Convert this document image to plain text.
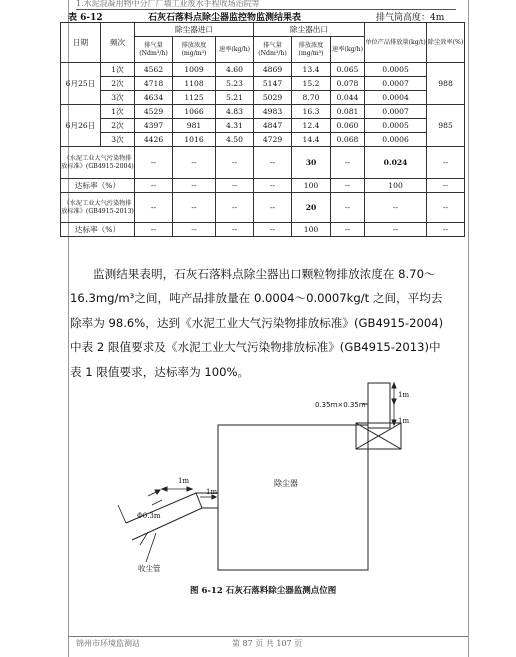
1.水泥混凝用物中分厂厂墙工业废水手程收场治院等
表 6-12	石灰石落料点除尘器监控物监测结果表	排气筒高度：4m
日期	频次	除尘器进口			除尘器出口			单位产品排放量(kg/t)	除尘效率(%)
		排气量(Ndm³/h)	排放浓度(mg/m³)	速率(kg/h)	排气量(Ndm³/h)	排放浓度(mg/m³)	速率(kg/h)		
6月25日	1次	4562	1009	4.60	4869	13.4	0.065	0.0005	988
	2次	4718	1108	5.23	5147	15.2	0.078	0.0007	
	3次	4634	1125	5.21	5029	8.70	0.044	0.0004	
6月26日	1次	4529	1066	4.83	4983	16.3	0.081	0.0007	985
	2次	4397	981	4.31	4847	12.4	0.060	0.0005	
	3次	4426	1016	4.50	4729	14.4	0.068	0.0006	
《水泥工业大气污染物排放标准》(GB4915-2004)		--	--	--	--	30	--	0.024	--
达标率（%）		--	--	--	--	100	--	100	--
《水泥工业大气污染物排放标准》(GB4915-2013)		--	--	--	--	20	--	--	--
达标率（%）		--	--	--	--	100	--	--	--
监测结果表明，石灰石落料点除尘器出口颗粒物排放浓度在 8.70～16.3mg/m³之间，吨产品排放量在 0.0004～0.0007kg/t 之间，平均去除率为 98.6%，达到《水泥工业大气污染物排放标准》(GB4915-2004)中表 2 限值要求及《水泥工业大气污染物排放标准》(GB4915-2013)中表 1 限值要求，达标率为 100%。
0.35m×0.35m
1m
1m
除尘器
1m
1m
Φ0.3m
收尘管
图 6-12 石灰石落料除尘器监测点位图
锦州市环境监测站	第 87 页 共 107 页
